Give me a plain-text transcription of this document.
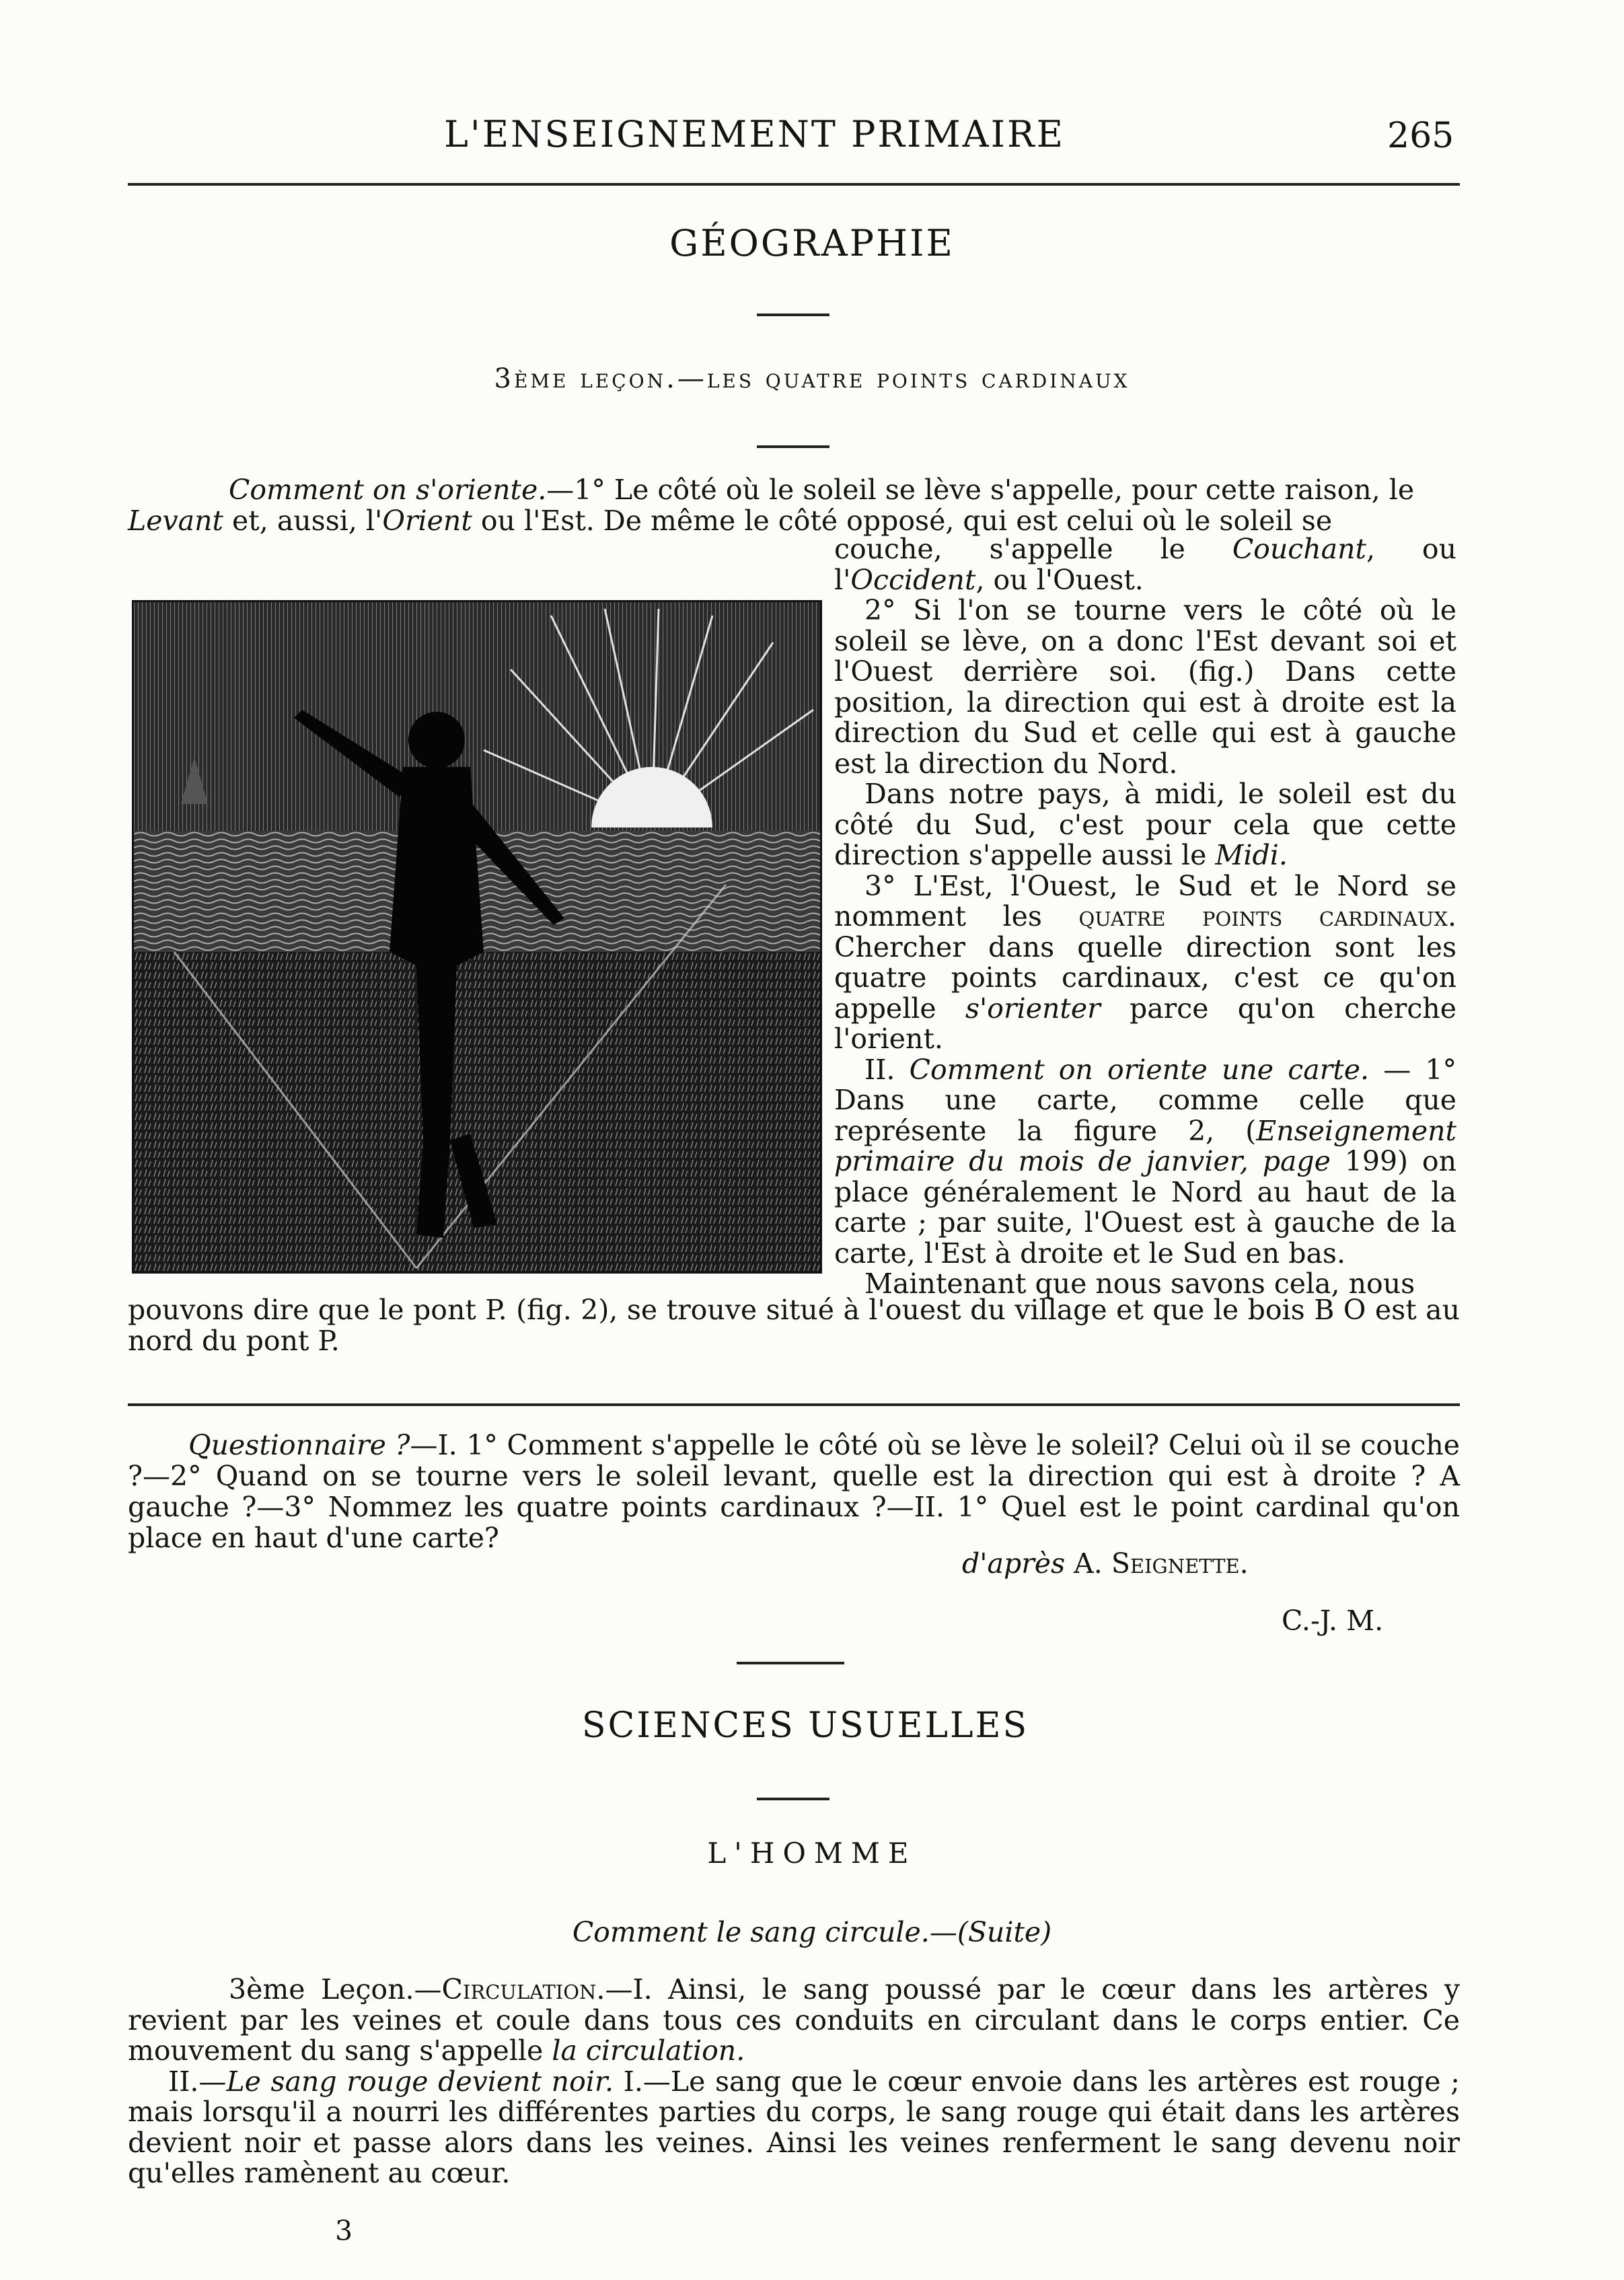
L'ENSEIGNEMENT PRIMAIRE	265
GÉOGRAPHIE
3ème leçon.—les quatre points cardinaux

Comment on s'oriente.—1° Le côté où le soleil se lève s'appelle, pour cette raison, le

Levant et, aussi, l'Orient ou l'Est. De même le côté opposé, qui est celui où le soleil se

couche, s'appelle le Couchant, ou l'Occident, ou l'Ouest.

2° Si l'on se tourne vers le côté où le soleil se lève, on a donc l'Est devant soi et l'Ouest derrière soi. (fig.) Dans cette position, la direction qui est à droite est la direction du Sud et celle qui est à gauche est la direction du Nord.

Dans notre pays, à midi, le soleil est du côté du Sud, c'est pour cela que cette direction s'appelle aussi le Midi.

3° L'Est, l'Ouest, le Sud et le Nord se nomment les quatre points cardinaux. Chercher dans quelle direction sont les quatre points cardinaux, c'est ce qu'on appelle s'orienter parce qu'on cherche l'orient.

II. Comment on oriente une carte. — 1° Dans une carte, comme celle que représente la figure 2, (Enseignement primaire du mois de janvier, page 199) on place généralement le Nord au haut de la carte ; par suite, l'Ouest est à gauche de la carte, l'Est à droite et le Sud en bas.

Maintenant que nous savons cela, nous

pouvons dire que le pont P. (fig. 2), se trouve situé à l'ouest du village et que le bois B O est au nord du pont P.

Questionnaire ?—I. 1° Comment s'appelle le côté où se lève le soleil? Celui où il se couche ?—2° Quand on se tourne vers le soleil levant, quelle est la direction qui est à droite ? A gauche ?—3° Nommez les quatre points cardinaux ?—II. 1° Quel est le point cardinal qu'on place en haut d'une carte?

d'après A. Seignette.
C.-J. M.
SCIENCES USUELLES
L'HOMME
Comment le sang circule.—(Suite)

3ème Leçon.—Circulation.—I. Ainsi, le sang poussé par le cœur dans les artères y revient par les veines et coule dans tous ces conduits en circulant dans le corps entier. Ce mouvement du sang s'appelle la circulation.

II.—Le sang rouge devient noir. I.—Le sang que le cœur envoie dans les artères est rouge ; mais lorsqu'il a nourri les différentes parties du corps, le sang rouge qui était dans les artères devient noir et passe alors dans les veines. Ainsi les veines renferment le sang devenu noir qu'elles ramènent au cœur.

3
